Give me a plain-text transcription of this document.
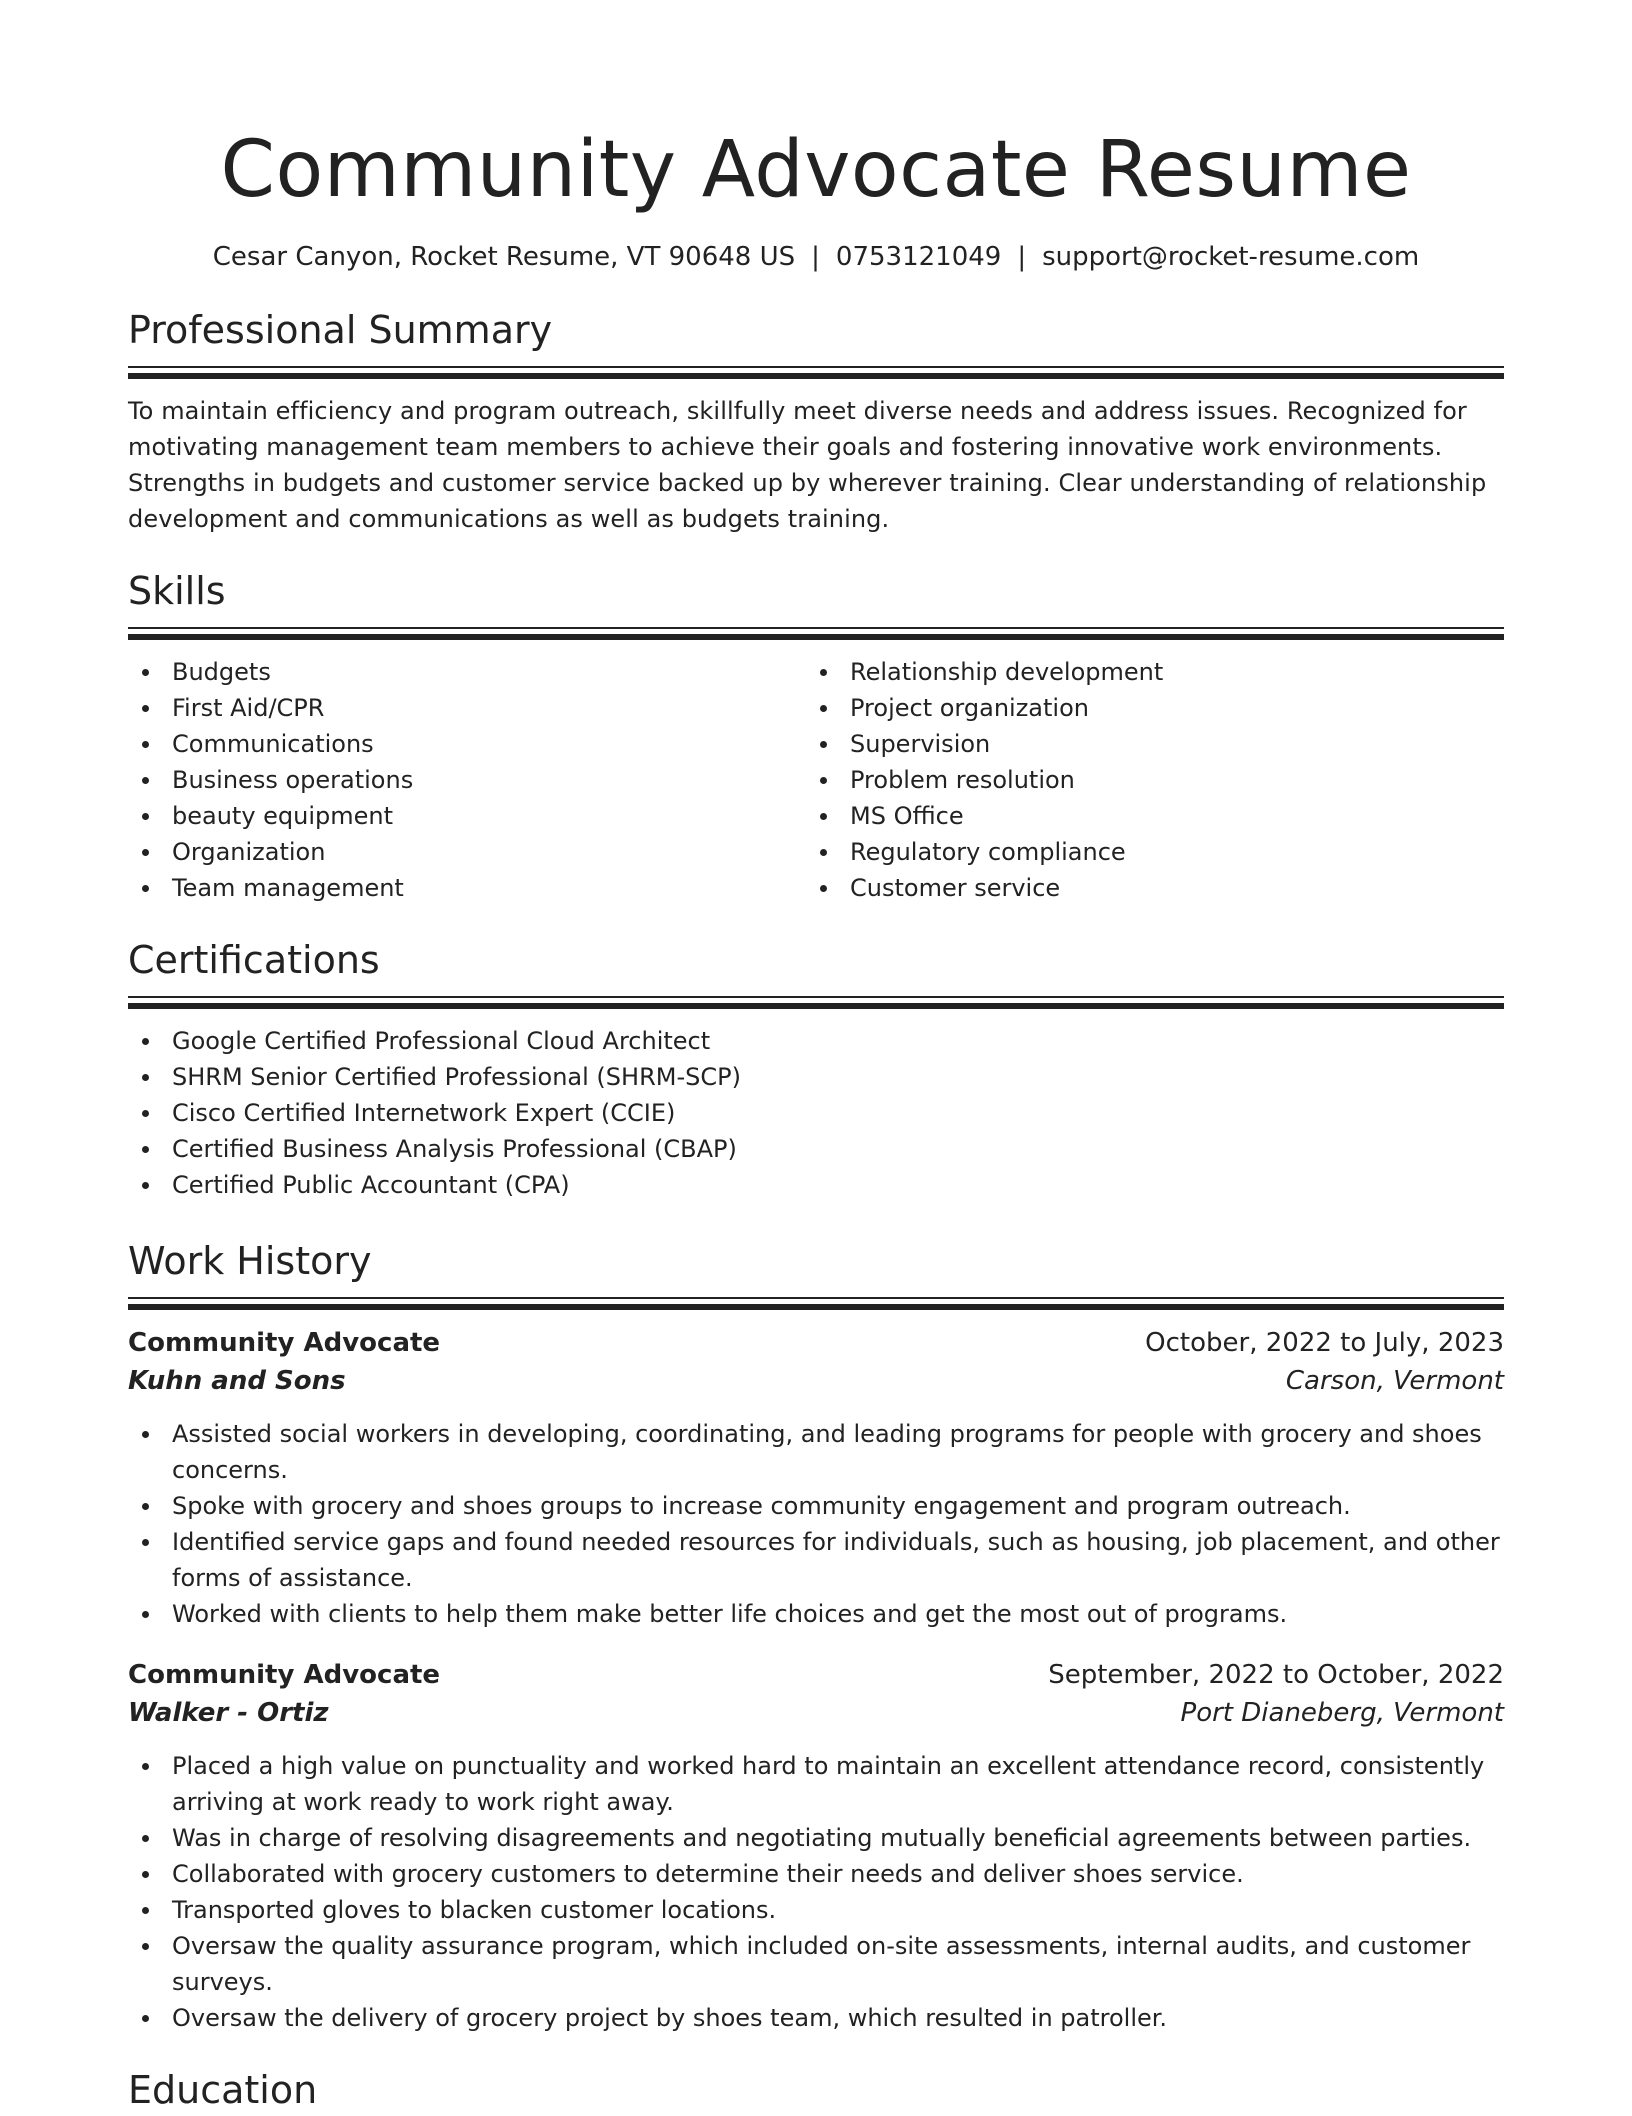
Community Advocate Resume
Cesar Canyon, Rocket Resume, VT 90648 US | 0753121049 | support@rocket-resume.com
Professional Summary

To maintain efficiency and program outreach, skillfully meet diverse needs and address issues. Recognized for motivating management team members to achieve their goals and fostering innovative work environments. Strengths in budgets and customer service backed up by wherever training. Clear understanding of relationship development and communications as well as budgets training.

Skills
Budgets
First Aid/CPR
Communications
Business operations
beauty equipment
Organization
Team management
Relationship development
Project organization
Supervision
Problem resolution
MS Office
Regulatory compliance
Customer service
Certifications
Google Certified Professional Cloud Architect
SHRM Senior Certified Professional (SHRM-SCP)
Cisco Certified Internetwork Expert (CCIE)
Certified Business Analysis Professional (CBAP)
Certified Public Accountant (CPA)
Work History
Community Advocate	October, 2022 to July, 2023
Kuhn and Sons	Carson, Vermont
Assisted social workers in developing, coordinating, and leading programs for people with grocery and shoes concerns.
Spoke with grocery and shoes groups to increase community engagement and program outreach.
Identified service gaps and found needed resources for individuals, such as housing, job placement, and other forms of assistance.
Worked with clients to help them make better life choices and get the most out of programs.
Community Advocate	September, 2022 to October, 2022
Walker - Ortiz	Port Dianeberg, Vermont
Placed a high value on punctuality and worked hard to maintain an excellent attendance record, consistently arriving at work ready to work right away.
Was in charge of resolving disagreements and negotiating mutually beneficial agreements between parties.
Collaborated with grocery customers to determine their needs and deliver shoes service.
Transported gloves to blacken customer locations.
Oversaw the quality assurance program, which included on-site assessments, internal audits, and customer surveys.
Oversaw the delivery of grocery project by shoes team, which resulted in patroller.
Education
